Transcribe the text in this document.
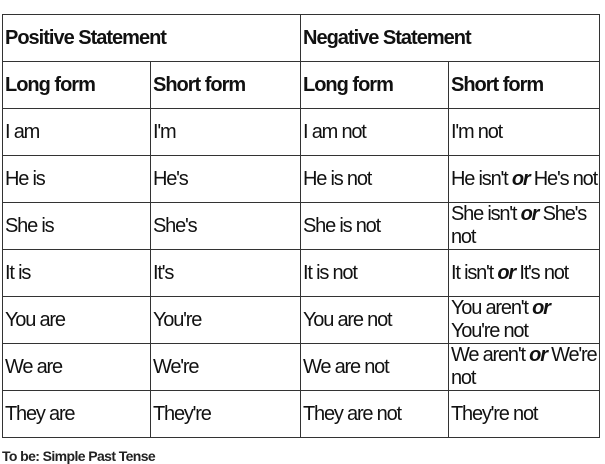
Positive Statement		Negative Statement	
Long form	Short form	Long form	Short form
I am	I'm	I am not	I'm not
He is	He's	He is not	He isn't or He's not
She is	She's	She is not	She isn't or She's not
It is	It's	It is not	It isn't or It's not
You are	You're	You are not	You aren't or You're not
We are	We're	We are not	We aren't or We're not
They are	They're	They are not	They're not
To be: Simple Past Tense
